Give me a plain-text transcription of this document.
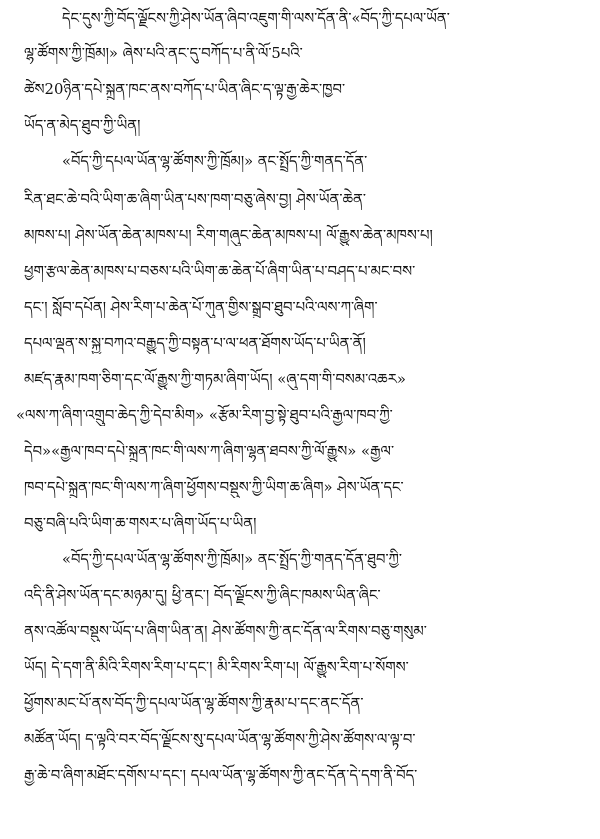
དེང་དུས་ཀྱི་བོད་ལྗོངས་ཀྱི་ཤེས་ཡོན་ཞིབ་འཇུག་གི་ལས་དོན་ནི་«བོད་ཀྱི་དཔལ་ཡོན་

ལྷ་ཚོགས་ཀྱི་ཁྲོམ།» ཞེས་པའི་ནང་དུ་བཀོད་པ་ནི་ལོ་5པའི་

ཚེས20ཉིན་དཔེ་སྐྲུན་ཁང་ནས་བཀོད་པ་ཡིན་ཞིང་ད་ལྟ་རྒྱ་ཆེར་ཁྱབ་

ཡོད་ན་མེད་ཐུབ་ཀྱི་ཡིན།

«བོད་ཀྱི་དཔལ་ཡོན་ལྷ་ཚོགས་ཀྱི་ཁྲོམ།» ནང་སྤྲོད་ཀྱི་གནད་དོན་

རིན་ཐང་ཆེ་བའི་ཡིག་ཆ་ཞིག་ཡིན་པས་ཁག་བཅུ་ཞེས་བྱ། ཤེས་ཡོན་ཆེན་

མཁས་པ། ཤེས་ཡོན་ཆེན་མཁས་པ། རིག་གཞུང་ཆེན་མཁས་པ། ལོ་རྒྱུས་ཆེན་མཁས་པ།

ཕྱག་རྩལ་ཆེན་མཁས་པ་བཅས་པའི་ཡིག་ཆ་ཆེན་པོ་ཞིག་ཡིན་པ་བཤད་པ་མང་བས་

དང་། སློབ་དཔོན། ཤེས་རིག་པ་ཆེན་པོ་ཀུན་གྱིས་སྒྲུབ་ཐུབ་པའི་ལས་ཀ་ཞིག་

དཔལ་ལྡན་ས་སྐྱ་བཀའ་བརྒྱུད་ཀྱི་བསྟན་པ་ལ་ཕན་ཐོགས་ཡོད་པ་ཡིན་ནོ།

མཛད་རྣམ་ཁག་ཅིག་དང་ལོ་རྒྱུས་ཀྱི་གཏམ་ཞིག་ཡོད། «ཞུ་དག་གི་བསམ་འཆར»

«ལས་ཀ་ཞིག་འགྲུབ་ཆེད་ཀྱི་དེབ་མིག» «རྩོམ་རིག་བྱ་སྟེ་ཐུབ་པའི་རྒྱལ་ཁབ་ཀྱི་

དེབ»«རྒྱལ་ཁབ་དཔེ་སྐྲུན་ཁང་གི་ལས་ཀ་ཞིག་ལྷན་ཐབས་ཀྱི་ལོ་རྒྱུས» «རྒྱལ་

ཁབ་དཔེ་སྐྲུན་ཁང་གི་ལས་ཀ་ཞིག་ཕྱོགས་བསྡུས་ཀྱི་ཡིག་ཆ་ཞིག» ཤེས་ཡོན་དང་

བཅུ་བཞི་པའི་ཡིག་ཆ་གསར་པ་ཞིག་ཡོད་པ་ཡིན།

«བོད་ཀྱི་དཔལ་ཡོན་ལྷ་ཚོགས་ཀྱི་ཁྲོམ།» ནང་སྤྲོད་ཀྱི་གནད་དོན་ཐུབ་ཀྱི་

འདི་ནི་ཤེས་ཡོན་དང་མཉམ་དུ། ཕྱི་ནང་། བོད་ལྗོངས་ཀྱི་ཞིང་ཁམས་ཡིན་ཞིང་

ནས་འཚོལ་བསྡུས་ཡོད་པ་ཞིག་ཡིན་ན། ཤེས་ཚོགས་ཀྱི་ནང་དོན་ལ་རིགས་བཅུ་གསུམ་

ཡོད། དེ་དག་ནི་མིའི་རིགས་རིག་པ་དང་། མི་རིགས་རིག་པ། ལོ་རྒྱུས་རིག་པ་སོགས་

ཕྱོགས་མང་པོ་ནས་བོད་ཀྱི་དཔལ་ཡོན་ལྷ་ཚོགས་ཀྱི་རྣམ་པ་དང་ནང་དོན་

མཚོན་ཡོད། ད་ལྟའི་བར་བོད་ལྗོངས་སུ་དཔལ་ཡོན་ལྷ་ཚོགས་ཀྱི་ཤེས་ཚོགས་ལ་ལྟ་བ་

རྒྱ་ཆེ་བ་ཞིག་མཐོང་དགོས་པ་དང་། དཔལ་ཡོན་ལྷ་ཚོགས་ཀྱི་ནང་དོན་དེ་དག་ནི་བོད་
